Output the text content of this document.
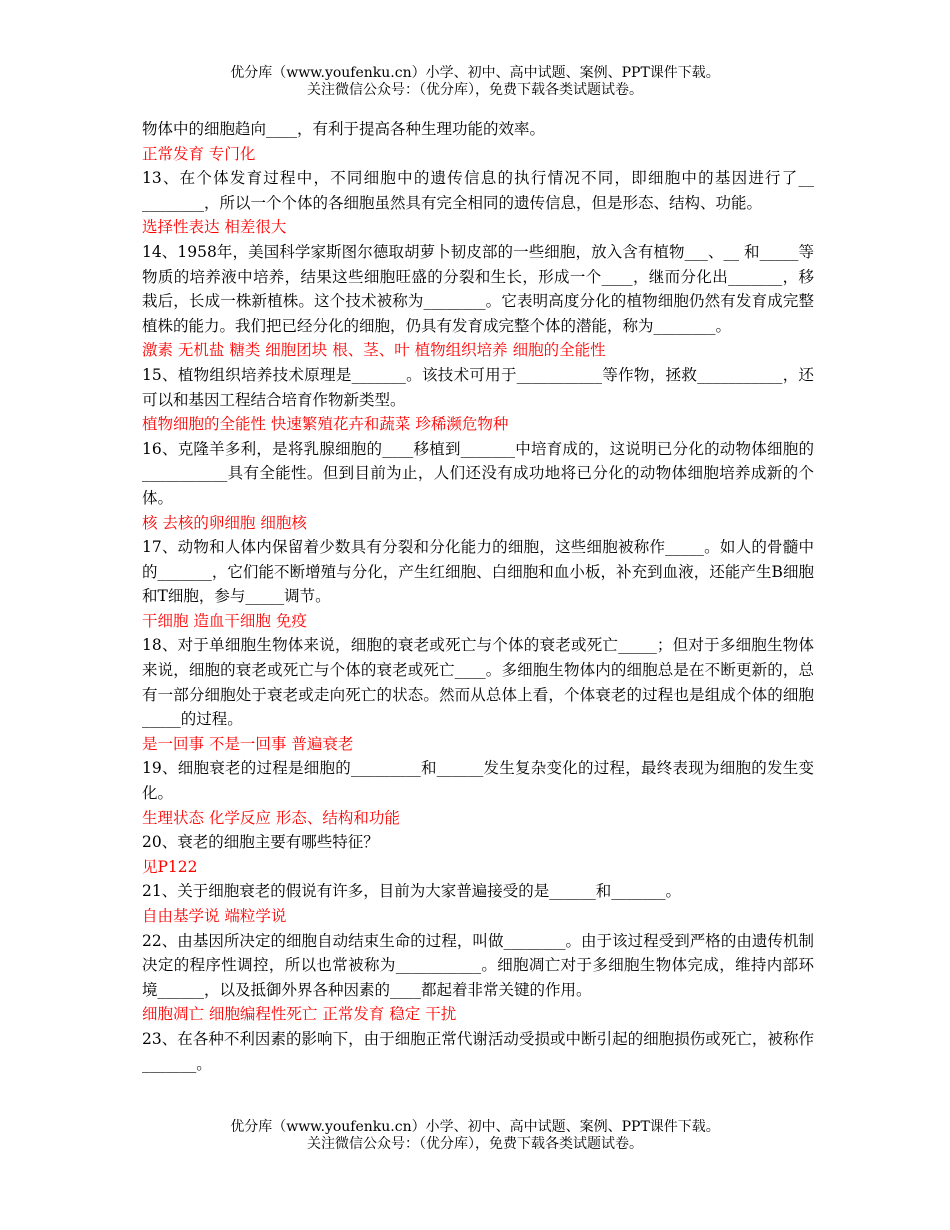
优分库（www.youfenku.cn）小学、初中、高中试题、案例、PPT课件下载。
关注微信公众号：（优分库），免费下载各类试题试卷。

物体中的细胞趋向____，有利于提高各种生理功能的效率。

正常发育 专门化

13、在个体发育过程中，不同细胞中的遗传信息的执行情况不同，即细胞中的基因进行了__ ________，所以一个个体的各细胞虽然具有完全相同的遗传信息，但是形态、结构、功能。

选择性表达 相差很大

14、1958年，美国科学家斯图尔德取胡萝卜韧皮部的一些细胞，放入含有植物___、__ 和_____等物质的培养液中培养，结果这些细胞旺盛的分裂和生长，形成一个____，继而分化出_______，移栽后，长成一株新植株。这个技术被称为________。它表明高度分化的植物细胞仍然有发育成完整植株的能力。我们把已经分化的细胞，仍具有发育成完整个体的潜能，称为________。

激素 无机盐 糖类 细胞团块 根、茎、叶 植物组织培养 细胞的全能性

15、植物组织培养技术原理是_______。该技术可用于___________等作物，拯救___________，还可以和基因工程结合培育作物新类型。

植物细胞的全能性 快速繁殖花卉和蔬菜 珍稀濒危物种

16、克隆羊多利，是将乳腺细胞的____移植到_______中培育成的，这说明已分化的动物体细胞的___________具有全能性。但到目前为止，人们还没有成功地将已分化的动物体细胞培养成新的个体。

核 去核的卵细胞 细胞核

17、动物和人体内保留着少数具有分裂和分化能力的细胞，这些细胞被称作_____。如人的骨髓中的_______，它们能不断增殖与分化，产生红细胞、白细胞和血小板，补充到血液，还能产生B细胞和T细胞，参与_____调节。

干细胞 造血干细胞 免疫

18、对于单细胞生物体来说，细胞的衰老或死亡与个体的衰老或死亡_____；但对于多细胞生物体来说，细胞的衰老或死亡与个体的衰老或死亡____。多细胞生物体内的细胞总是在不断更新的，总有一部分细胞处于衰老或走向死亡的状态。然而从总体上看，个体衰老的过程也是组成个体的细胞_____的过程。

是一回事 不是一回事 普遍衰老

19、细胞衰老的过程是细胞的_________和______发生复杂变化的过程，最终表现为细胞的发生变化。

生理状态 化学反应 形态、结构和功能

20、衰老的细胞主要有哪些特征？

见P122

21、关于细胞衰老的假说有许多，目前为大家普遍接受的是______和_______。

自由基学说 端粒学说

22、由基因所决定的细胞自动结束生命的过程，叫做________。由于该过程受到严格的由遗传机制决定的程序性调控，所以也常被称为___________。细胞凋亡对于多细胞生物体完成，维持内部环境______，以及抵御外界各种因素的____都起着非常关键的作用。

细胞凋亡 细胞编程性死亡 正常发育 稳定 干扰

23、在各种不利因素的影响下，由于细胞正常代谢活动受损或中断引起的细胞损伤或死亡，被称作_______。

优分库（www.youfenku.cn）小学、初中、高中试题、案例、PPT课件下载。
关注微信公众号：（优分库），免费下载各类试题试卷。
